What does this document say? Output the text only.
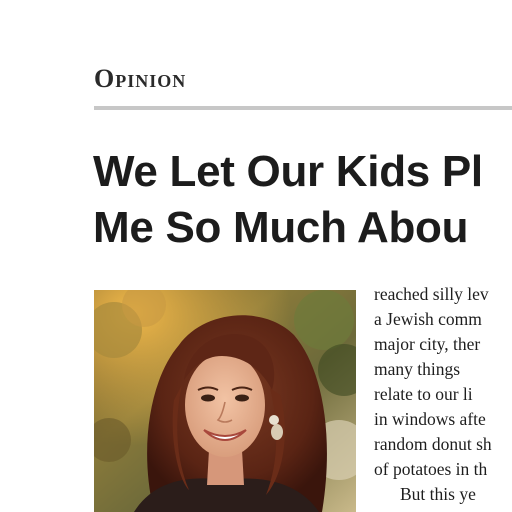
Opinion
We Let Our Kids Pl
Me So Much Abou
reached silly lev
a Jewish comm
major city, ther
many things
relate to our li
in windows afte
random donut sh
of potatoes in th
But this ye
